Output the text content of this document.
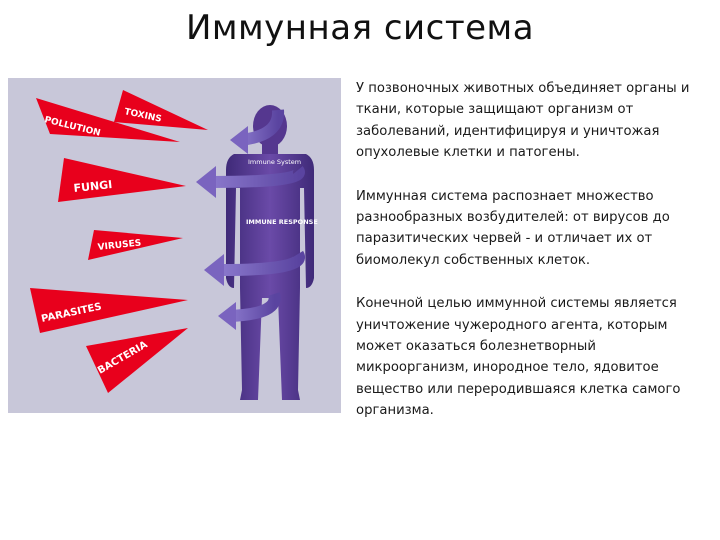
Иммунная система
POLLUTION TOXINS
FUNGI
VIRUSES
PARASITES
BACTERIA
Immune System
IMMUNE RESPONSE

У позвоночных животных объединяет органы и ткани, которые защищают организм от заболеваний, идентифицируя и уничтожая опухолевые клетки и патогены.

Иммунная система распознает множество разнообразных возбудителей: от вирусов до паразитических червей - и отличает их от биомолекул собственных клеток.

Конечной целью иммунной системы является уничтожение чужеродного агента, которым может оказаться болезнетворный микроорганизм, инородное тело, ядовитое вещество или переродившаяся клетка самого организма.
